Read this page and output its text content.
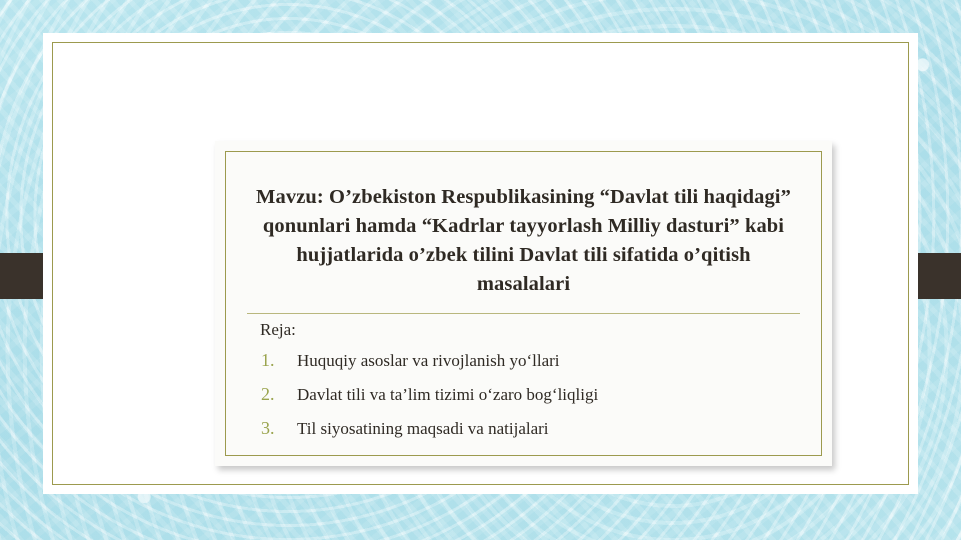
Mavzu: O’zbekiston Respublikasining “Davlat tili haqidagi” qonunlari hamda “Kadrlar tayyorlash Milliy dasturi” kabi hujjatlarida o’zbek tilini Davlat tili sifatida o’qitish masalalari
Reja:
1.	Huquqiy asoslar va rivojlanish yo‘llari
2.	Davlat tili va ta’lim tizimi o‘zaro bog‘liqligi
3.	Til siyosatining maqsadi va natijalari
